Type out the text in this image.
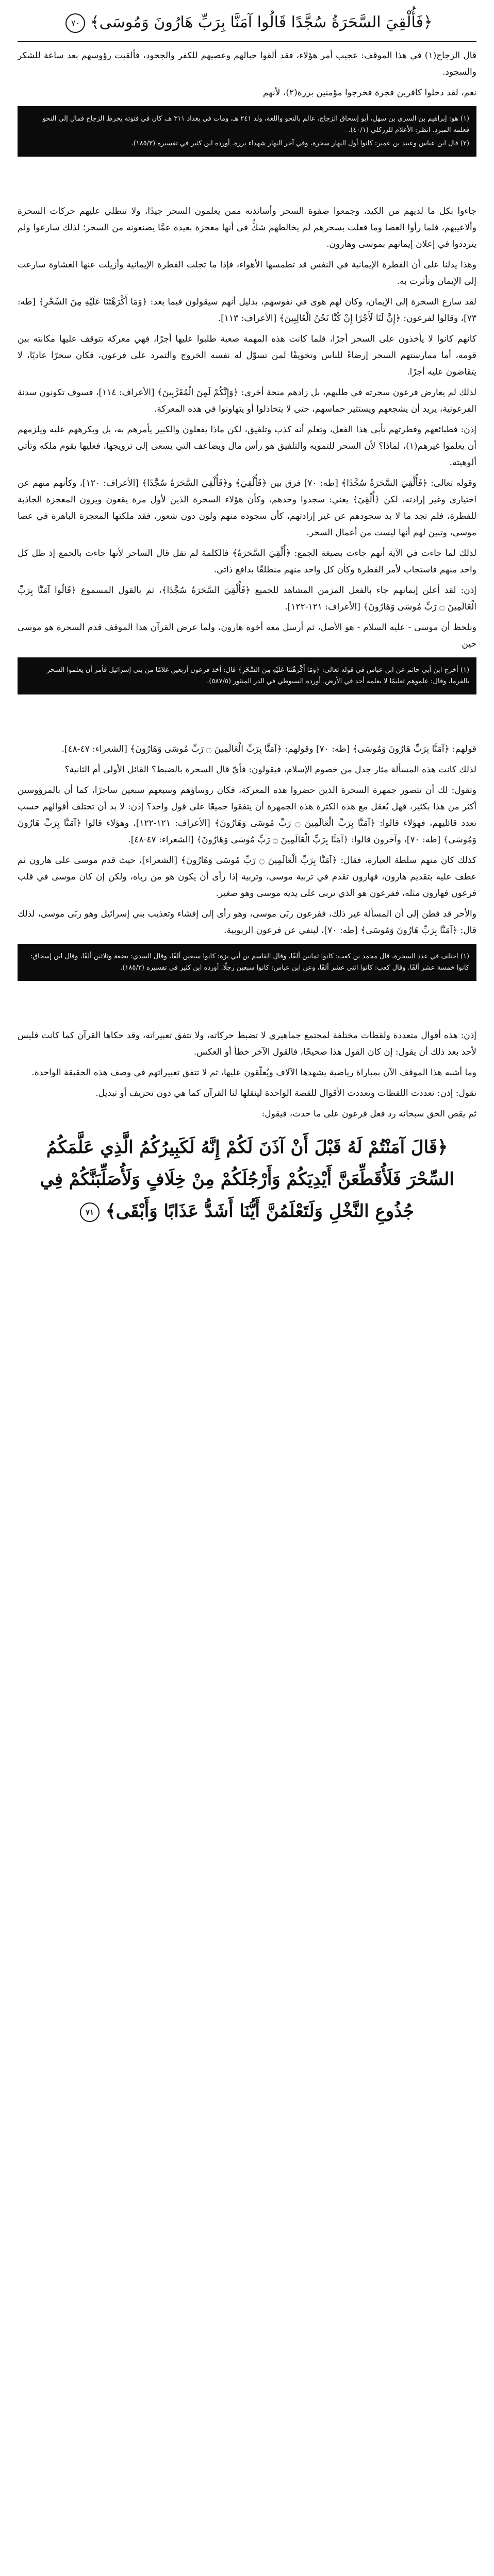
﴿فَأُلْقِيَ السَّحَرَةُ سُجَّدًا قَالُوا آمَنَّا بِرَبِّ هَارُونَ وَمُوسَى﴾ ٧٠

قال الزجاج(١) في هذا الموقف: عجيب أمر هؤلاء، فقد ألقوا حبالهم وعصيهم للكفر والجحود، فألقيت رؤوسهم بعد ساعة للشكر والسجود.

نعم، لقد دخلوا كافرين فجرة فخرجوا مؤمنين بررة(٢)، لأنهم

(١) هو: إبراهيم بن السري بن سهل، أبو إسحاق الزجاج، عالم بالنحو واللغة، ولد ٢٤١ هـ، ومات في بغداد ٣١١ هـ، كان في فتوته يخرط الزجاج فمال إلى النحو فعلمه المبرد. انظر: الأعلام للزركلي (٤٠/١).

(٢) قال ابن عباس وعبيد بن عمير: كانوا أول النهار سحرة، وفي آخر النهار شهداء بررة. أورده ابن كثير في تفسيره (١٨٥/٣).

جاءوا بكل ما لديهم من الكيد، وجمعوا صفوة السحر وأساتذته ممن يعلمون السحر جيدًا، ولا تنطلي عليهم حركات السحرة وألاعيبهم، فلما رأوا العصا وما فعلت بسحرهم لم يخالطهم شكٌّ في أنها معجزة بعيدة عمَّا يصنعونه من السحر؛ لذلك سارعوا ولم يترددوا في إعلان إيمانهم بموسى وهارون.

وهذا يدلنا على أن الفطرة الإيمانية في النفس قد تطمسها الأهواء، فإذا ما تجلت الفطرة الإيمانية وأزيلت عنها الغشاوة سارعت إلى الإيمان وتأثرت به.

لقد سارع السحرة إلى الإيمان، وكان لهم هوى في نفوسهم، بدليل أنهم سيقولون فيما بعد: ﴿وَمَا أَكْرَهْتَنَا عَلَيْهِ مِنَ السِّحْرِ﴾ [طه: ٧٣]، وقالوا لفرعون: ﴿إِنَّ لَنَا لَأَجْرًا إِنْ كُنَّا نَحْنُ الْغَالِبِينَ﴾ [الأعراف: ١١٣].

كانهم كانوا لا يأخذون على السحر أجرًا، فلما كانت هذه المهمة صعبة طلبوا عليها أجرًا، فهي معركة تتوقف عليها مكانته بين قومه، أما ممارستهم السحر إرضاءً للناس وتخويفًا لمن تسوّل له نفسه الخروج والتمرد على فرعون، فكان سحرًا عاديًا، لا يتقاضون عليه أجرًا.

لذلك لم يعارض فرعون سحرته في طلبهم، بل زادهم منحة أخرى: ﴿وَإِنَّكُمْ لَمِنَ الْمُقَرَّبِينَ﴾ [الأعراف: ١١٤]، فسوف تكونون سدنة الفرعونية، يريد أن يشجعهم ويستثير حماسهم، حتى لا يتخاذلوا أو يتهاونوا في هذه المعركة.

إذن: فطبائعهم وفطرتهم تأبى هذا الفعل، وتعلم أنه كذب وتلفيق، لكن ماذا يفعلون والكبير يأمرهم به، بل ويكرههم عليه ويلزمهم أن يعلموا غيرهم(١)، لماذا؟ لأن السحر للتمويه والتلفيق هو رأس مال ويضاعف التي يسعى إلى ترويجها، فعليها يقوم ملكه وتأتي ألوهيته.

وقوله تعالى: ﴿فَأُلْقِيَ السَّحَرَةُ سُجَّدًا﴾ [طه: ٧٠] فرق بين ﴿فَأُلْقِيَ﴾ و﴿فَأُلْقِيَ السَّحَرَةُ سُجَّدًا﴾ [الأعراف: ١٢٠]، وكأنهم منهم عن اختياري وغير إرادته، لكن ﴿أُلْقِيَ﴾ يعني: سجدوا وحدهم، وكأن هؤلاء السحرة الذين لأول مرة يقعون ويرون المعجزة الجاذبة للفطرة، فلم تجد ما لا بد سجودهم عن غير إرادتهم، كأن سجوده منهم ولون دون شعور، فقد ملكتها المعجزة الباهرة في عصا موسى، وتبين لهم أنها ليست من أعمال السحر.

لذلك لما جاءت في الآية أنهم جاءت بصيغة الجمع: ﴿أُلْقِيَ السَّحَرَةُ﴾ فالكلمة لم تقل قال الساحر لأنها جاءت بالجمع إذ ظل كل واحد منهم فاستجاب لأمر الفطرة وكأن كل واحد منهم منطلقًا بدافع ذاتي.

إذن: لقد أعلن إيمانهم جاء بالفعل المزمن المشاهد للجميع ﴿فَأُلْقِيَ السَّحَرَةُ سُجَّدًا﴾، ثم بالقول المسموع ﴿قَالُوا آمَنَّا بِرَبِّ الْعَالَمِينَ ۝ رَبِّ مُوسَى وَهَارُونَ﴾ [الأعراف: ١٢١-١٢٢].

ونلحظ أن موسى - عليه السلام - هو الأصل، ثم أرسل معه أخوه هارون، ولما عرض القرآن هذا الموقف قدم السحرة هو موسى حين

(١) أخرج ابن أبي حاتم عن ابن عباس في قوله تعالى: ﴿وَمَا أَكْرَهْتَنَا عَلَيْهِ مِنَ السِّحْرِ﴾ قال: أخذ فرعون أربعين غلامًا من بني إسرائيل فأمر أن يعلموا السحر بالفرما، وقال: علموهم تعليمًا لا يعلمه أحد في الأرض. أورده السيوطي في الدر المنثور (٥٨٧/٥).

قولهم: ﴿آمَنَّا بِرَبِّ هَارُونَ وَمُوسَى﴾ [طه: ٧٠] وقولهم: ﴿آمَنَّا بِرَبِّ الْعَالَمِينَ ۝ رَبِّ مُوسَى وَهَارُونَ﴾ [الشعراء: ٤٧-٤٨].

لذلك كانت هذه المسألة مثار جدل من خصوم الإسلام، فيقولون: فأيّ قال السحرة بالضبط؟ القائل الأولى أم الثانية؟

وتقول: لك أن تتصور جمهرة السحرة الذين حضروا هذه المعركة، فكان روساؤهم وسيعهم سبعين ساحرًا، كما أن بالمرؤوسين أكثر من هذا بكثير، فهل يُعقل مع هذه الكثرة هذه الجمهرة أن يتفقوا جميعًا على قول واحد؟ إذن: لا بد أن تختلف أقوالهم حسب تعدد قائليهم، فهؤلاء قالوا: ﴿آمَنَّا بِرَبِّ الْعَالَمِينَ ۝ رَبِّ مُوسَى وَهَارُونَ﴾ [الأعراف: ١٢١-١٢٢]، وهؤلاء قالوا ﴿آمَنَّا بِرَبِّ هَارُونَ وَمُوسَى﴾ [طه: ٧٠]، وآخرون قالوا: ﴿آمَنَّا بِرَبِّ الْعَالَمِينَ ۝ رَبِّ مُوسَى وَهَارُونَ﴾ [الشعراء: ٤٧-٤٨].

كذلك كان منهم سلطة العبارة، فقال: ﴿آمَنَّا بِرَبِّ الْعَالَمِينَ ۝ رَبِّ مُوسَى وَهَارُونَ﴾ [الشعراء]، حيث قدم موسى على هارون ثم عطف عليه بتقديم هارون، فهارون تقدم في تربية موسى، وتربية إذا رأى أن يكون هو من رباه، ولكن إن كان موسى في قلب فرعون فهارون مثله، ففرعون هو الذي تربى على يديه موسى وهو صغير.

والأخر قد فطن إلى أن المسألة غير ذلك، ففرعون ربّى موسى، وهو رأى إلى إفشاء وتعذيب بني إسرائيل وهو ربّى موسى، لذلك قال: ﴿آمَنَّا بِرَبِّ هَارُونَ وَمُوسَى﴾ [طه: ٧٠]، لينفي عن فرعون الربوبية.

(١) اختلف في عدد السحرة، قال محمد بن كعب: كانوا ثمانين ألفًا، وقال القاسم بن أبي بزة: كانوا سبعين ألفًا، وقال السدي: بضعة وثلاثين ألفًا، وقال ابن إسحاق: كانوا خمسة عشر ألفًا. وقال كعب: كانوا اثني عشر ألفًا، وعن ابن عباس: كانوا سبعين رجلًا. أورده ابن كثير في تفسيره (١٨٥/٣).

إذن: هذه أقوال متعددة ولقطات مختلفة لمجتمع جماهيري لا تضبط حركاته، ولا تتفق تعبيراته، وقد حكاها القرآن كما كانت فليس لأحد بعد ذلك أن يقول: إن كان القول هذا صحيحًا، فالقول الآخر خطأ أو العكس.

وما أشبه هذا الموقف الآن بمباراة رياضية يشهدها الآلاف ويُعلّقون عليها، ثم لا تتفق تعبيراتهم في وصف هذه الحقيقة الواحدة.

نقول: إذن: تعددت اللقطات وتعددت الأقوال للقصة الواحدة لينقلها لنا القرآن كما هي دون تحريف أو تبديل.

ثم يقص الحق سبحانه رد فعل فرعون على ما حدث، فيقول:

﴿قَالَ آمَنْتُمْ لَهُ قَبْلَ أَنْ آذَنَ لَكُمْ إِنَّهُ لَكَبِيرُكُمُ الَّذِي عَلَّمَكُمُ السِّحْرَ فَلَأُقَطِّعَنَّ أَيْدِيَكُمْ وَأَرْجُلَكُمْ مِنْ خِلَافٍ وَلَأُصَلِّبَنَّكُمْ فِي جُذُوعِ النَّخْلِ وَلَتَعْلَمُنَّ أَيُّنَا أَشَدُّ عَذَابًا وَأَبْقَى﴾ ٧١
